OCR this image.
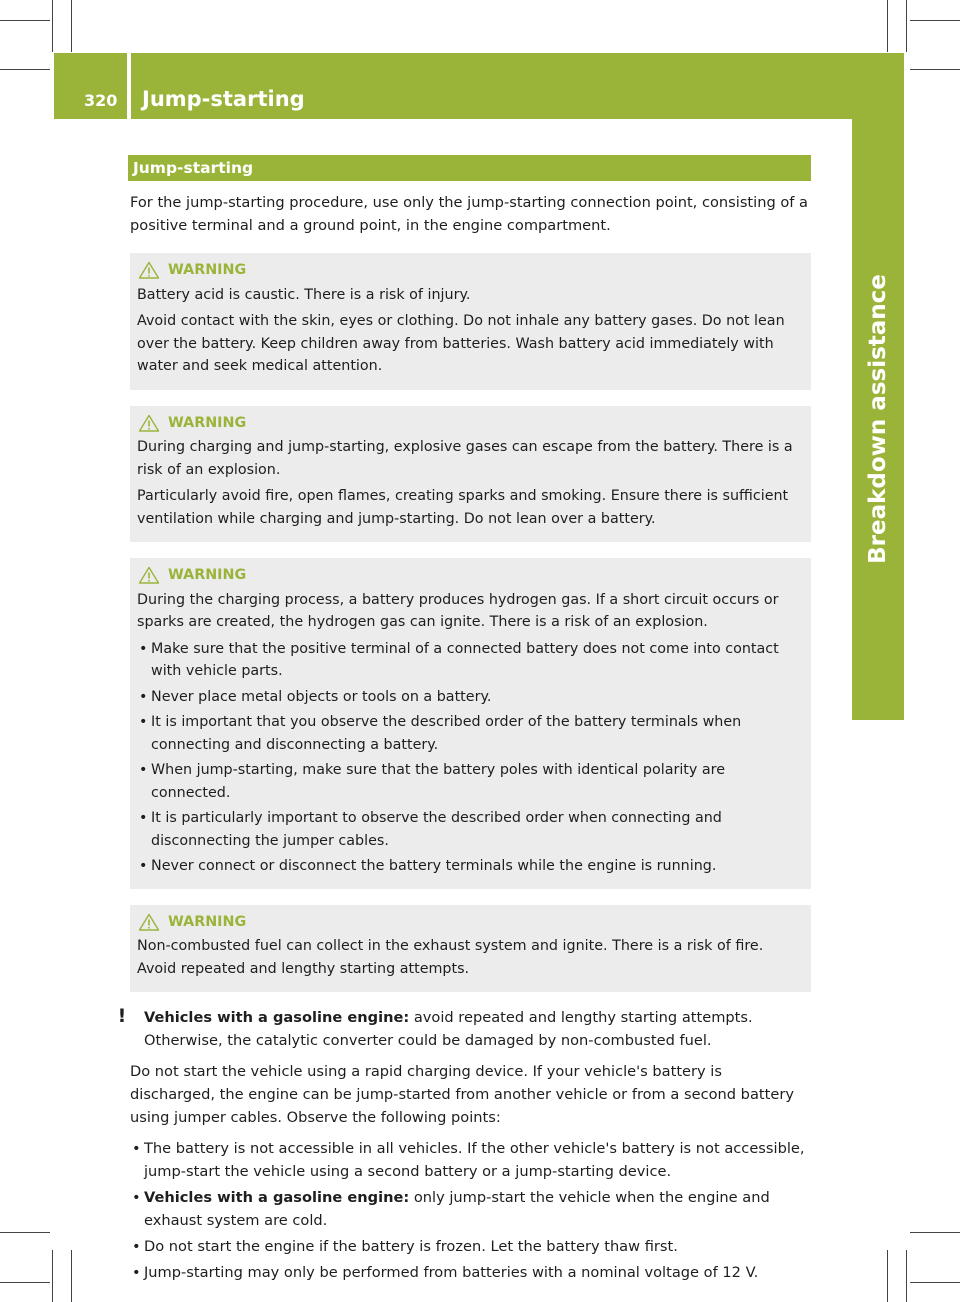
320 Jump-starting
Breakdown assistance
Jump-starting

For the jump-starting procedure, use only the jump-starting connection point, consisting of a positive terminal and a ground point, in the engine compartment.

WARNING

Battery acid is caustic. There is a risk of injury.

Avoid contact with the skin, eyes or clothing. Do not inhale any battery gases. Do not lean over the battery. Keep children away from batteries. Wash battery acid immediately with water and seek medical attention.

WARNING

During charging and jump-starting, explosive gases can escape from the battery. There is a risk of an explosion.

Particularly avoid fire, open flames, creating sparks and smoking. Ensure there is sufficient ventilation while charging and jump-starting. Do not lean over a battery.

WARNING

During the charging process, a battery produces hydrogen gas. If a short circuit occurs or sparks are created, the hydrogen gas can ignite. There is a risk of an explosion.

• Make sure that the positive terminal of a connected battery does not come into contact with vehicle parts.
• Never place metal objects or tools on a battery.
• It is important that you observe the described order of the battery terminals when connecting and disconnecting a battery.
• When jump-starting, make sure that the battery poles with identical polarity are connected.
• It is particularly important to observe the described order when connecting and disconnecting the jumper cables.
• Never connect or disconnect the battery terminals while the engine is running.
WARNING

Non-combusted fuel can collect in the exhaust system and ignite. There is a risk of fire. Avoid repeated and lengthy starting attempts.

! Vehicles with a gasoline engine: avoid repeated and lengthy starting attempts. Otherwise, the catalytic converter could be damaged by non-combusted fuel.

Do not start the vehicle using a rapid charging device. If your vehicle's battery is discharged, the engine can be jump-started from another vehicle or from a second battery using jumper cables. Observe the following points:

• The battery is not accessible in all vehicles. If the other vehicle's battery is not accessible, jump-start the vehicle using a second battery or a jump-starting device.
• Vehicles with a gasoline engine: only jump-start the vehicle when the engine and exhaust system are cold.
• Do not start the engine if the battery is frozen. Let the battery thaw first.
• Jump-starting may only be performed from batteries with a nominal voltage of 12 V.
